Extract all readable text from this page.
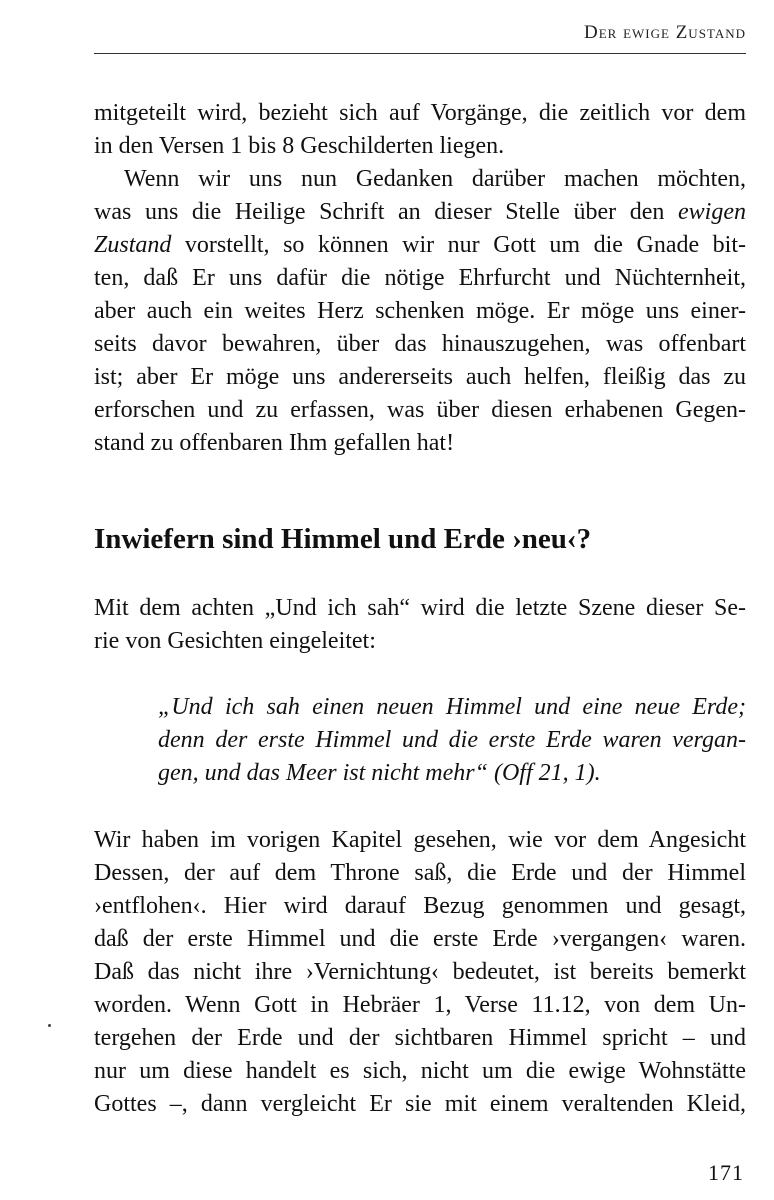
Der ewige Zustand
mitgeteilt wird, bezieht sich auf Vorgänge, die zeitlich vor dem
in den Versen 1 bis 8 Geschilderten liegen.
Wenn wir uns nun Gedanken darüber machen möchten,
was uns die Heilige Schrift an dieser Stelle über den ewigen
Zustand vorstellt, so können wir nur Gott um die Gnade bit-
ten, daß Er uns dafür die nötige Ehrfurcht und Nüchternheit,
aber auch ein weites Herz schenken möge. Er möge uns einer-
seits davor bewahren, über das hinauszugehen, was offenbart
ist; aber Er möge uns andererseits auch helfen, fleißig das zu
erforschen und zu erfassen, was über diesen erhabenen Gegen-
stand zu offenbaren Ihm gefallen hat!
Inwiefern sind Himmel und Erde ›neu‹?
Mit dem achten „Und ich sah“ wird die letzte Szene dieser Se-
rie von Gesichten eingeleitet:
„Und ich sah einen neuen Himmel und eine neue Erde;
denn der erste Himmel und die erste Erde waren vergan-
gen, und das Meer ist nicht mehr“ (Off 21, 1).
Wir haben im vorigen Kapitel gesehen, wie vor dem Angesicht
Dessen, der auf dem Throne saß, die Erde und der Himmel
›entflohen‹. Hier wird darauf Bezug genommen und gesagt,
daß der erste Himmel und die erste Erde ›vergangen‹ waren.
Daß das nicht ihre ›Vernichtung‹ bedeutet, ist bereits bemerkt
worden. Wenn Gott in Hebräer 1, Verse 11.12, von dem Un-
tergehen der Erde und der sichtbaren Himmel spricht – und
nur um diese handelt es sich, nicht um die ewige Wohnstätte
Gottes –, dann vergleicht Er sie mit einem veraltenden Kleid,
171
